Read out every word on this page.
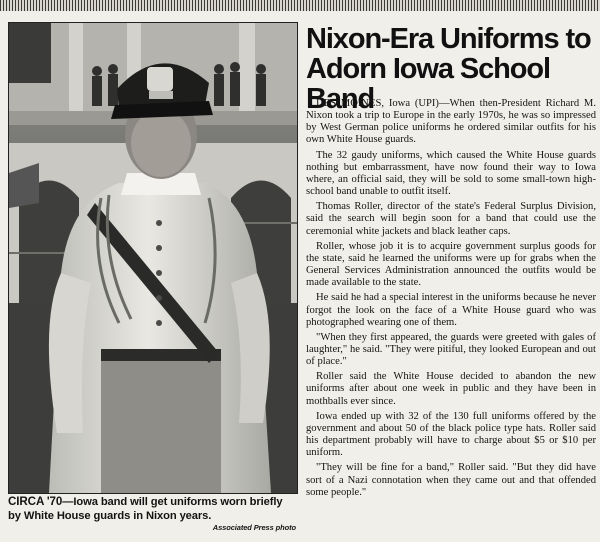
CIRCA '70—Iowa band will get uniforms worn briefly by White House guards in Nixon years.
Associated Press photo
Nixon-Era Uniforms to Adorn Iowa School Band

DES MOINES, Iowa (UPI)—When then-President Richard M. Nixon took a trip to Europe in the early 1970s, he was so impressed by West German police uniforms he ordered similar outfits for his own White House guards.

The 32 gaudy uniforms, which caused the White House guards nothing but embarrassment, have now found their way to Iowa where, an official said, they will be sold to some small-town high-school band unable to outfit itself.

Thomas Roller, director of the state's Federal Surplus Division, said the search will begin soon for a band that could use the ceremonial white jackets and black leather caps.

Roller, whose job it is to acquire government surplus goods for the state, said he learned the uniforms were up for grabs when the General Services Administration announced the outfits would be made available to the state.

He said he had a special interest in the uniforms because he never forgot the look on the face of a White House guard who was photographed wearing one of them.

"When they first appeared, the guards were greeted with gales of laughter," he said. "They were pitiful, they looked European and out of place."

Roller said the White House decided to abandon the new uniforms after about one week in public and they have been in mothballs ever since.

Iowa ended up with 32 of the 130 full uniforms offered by the government and about 50 of the black police type hats. Roller said his department probably will have to charge about $5 or $10 per uniform.

"They will be fine for a band," Roller said. "But they did have sort of a Nazi connotation when they came out and that offended some people."
